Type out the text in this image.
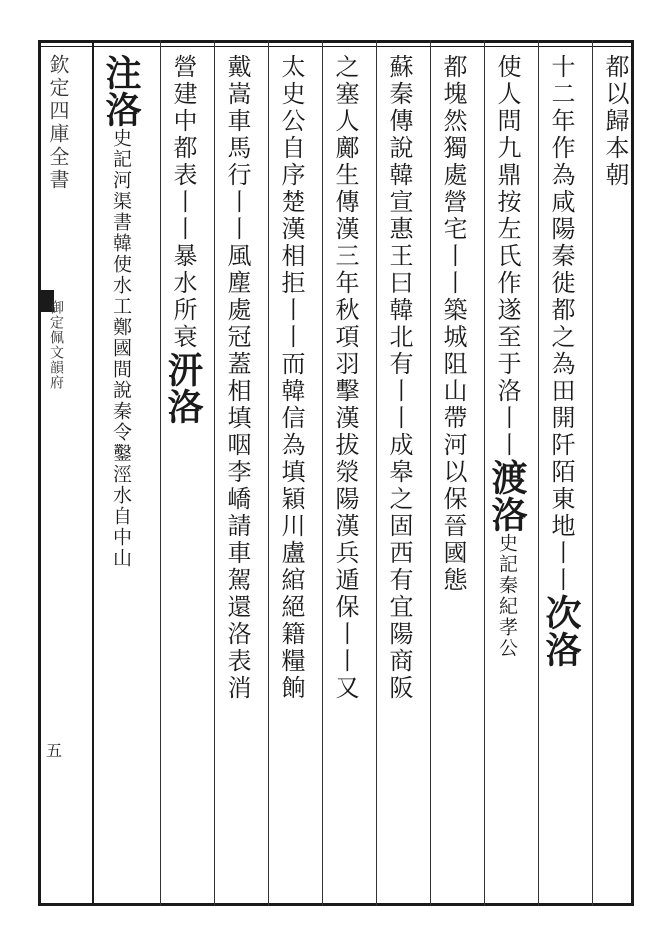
欽定四庫全書
御定佩文韻府
五
都以歸本朝
十二年作為咸陽秦徙都之為田開阡陌東地丨丨次洛
使人問九鼎按左氏作遂至于洛丨丨渡洛史記秦紀孝公
都塊然獨處營宅丨丨築城阻山帶河以保晉國態
蘇秦傳說韓宣惠王曰韓北有丨丨成皋之固西有宜陽商阪
之塞人鄺生傳漢三年秋項羽擊漢拔滎陽漢兵遁保丨丨又
太史公自序楚漢相拒丨丨而韓信為填穎川盧綰絕籍糧餉
戴嵩車馬行丨丨風塵處冠蓋相填咽李嶠請車駕還洛表消
營建中都表丨丨暴水所衰汧洛
注洛史記河渠書韓使水工鄭國間說秦令鑿涇水自中山
